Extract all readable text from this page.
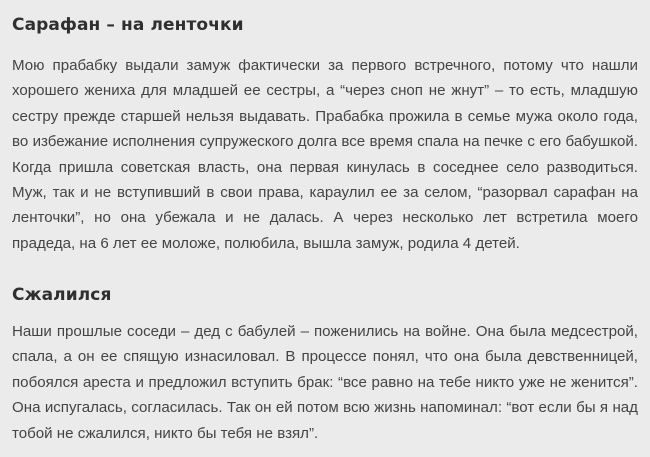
Сарафан – на ленточки

Мою прабабку выдали замуж фактически за первого встречного, потому что нашли хорошего жениха для младшей ее сестры, а “через сноп не жнут” – то есть, младшую сестру прежде старшей нельзя выдавать. Прабабка прожила в семье мужа около года, во избежание исполнения супружеского долга все время спала на печке с его бабушкой. Когда пришла советская власть, она первая кинулась в соседнее село разводиться. Муж, так и не вступивший в свои права, караулил ее за селом, “разорвал сарафан на ленточки”, но она убежала и не далась. А через несколько лет встретила моего прадеда, на 6 лет ее моложе, полюбила, вышла замуж, родила 4 детей.

Сжалился

Наши прошлые соседи – дед с бабулей – поженились на войне. Она была медсестрой, спала, а он ее спящую изнасиловал. В процессе понял, что она была девственницей, побоялся ареста и предложил вступить брак: “все равно на тебе никто уже не женится”. Она испугалась, согласилась. Так он ей потом всю жизнь напоминал: “вот если бы я над тобой не сжалился, никто бы тебя не взял”.
